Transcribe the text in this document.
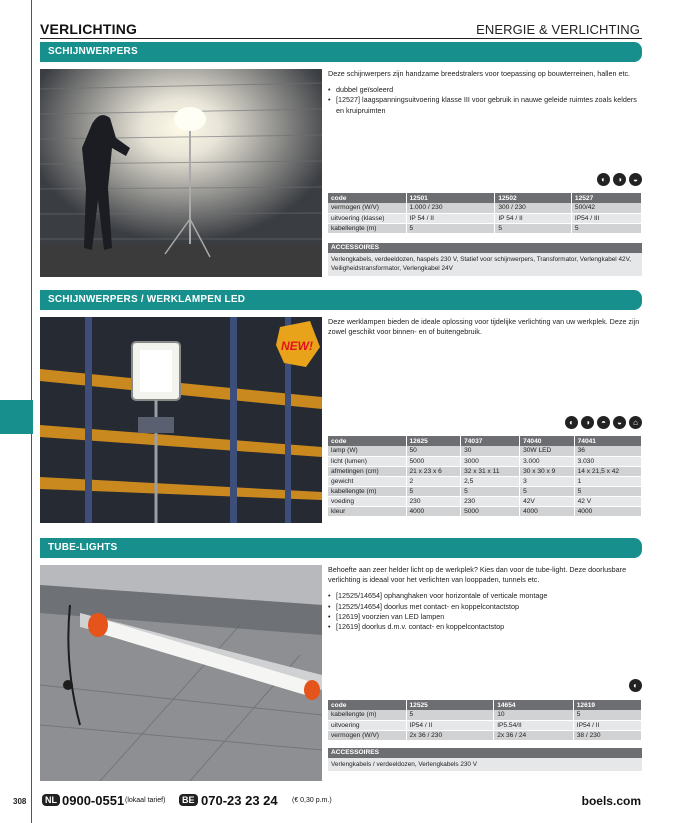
VERLICHTING	ENERGIE & VERLICHTING
SCHIJNWERPERS

Deze schijnwerpers zijn handzame breedstralers voor toepassing op bouwterreinen, hallen etc.

• dubbel geïsoleerd
• [12527] laagspanningsuitvoering klasse III voor gebruik in nauwe geleide ruimtes zoals kelders en kruipruimten
◐	◑	◒
code	12501	12502	12527
vermogen (W/V)	1.000 / 230	300 / 230	500/42
uitvoering (klasse)	IP 54 / II	IP 54 / II	IP54 / III
kabellengte (m)	5	5	5
ACCESSOIRES
Verlengkabels, verdeeldozen, haspels 230 V, Statief voor schijnwerpers, Transformator, Verlengkabel 42V, Veiligheidstransformator, Verlengkabel 24V
SCHIJNWERPERS / WERKLAMPEN LED
NEW!

Deze werklampen bieden de ideale oplossing voor tijdelijke verlichting van uw werkplek. Deze zijn zowel geschikt voor binnen- en of buitengebruik.

◐	◑	◓	◒	⌂
code	12625	74037	74040	74041
lamp (W)	50	30	30W LED	36
licht (lumen)	5000	3000	3.000	3.030
afmetingen (cm)	21 x 23 x 6	32 x 31 x 11	30 x 30 x 9	14 x 21,5 x 42
gewicht	2	2,5	3	1
kabellengte (m)	5	5	5	5
voeding	230	230	42V	42 V
kleur	4000	5000	4000	4000
TUBE-LIGHTS

Behoefte aan zeer helder licht op de werkplek? Kies dan voor de tube-light. Deze doorlusbare verlichting is ideaal voor het verlichten van looppaden, tunnels etc.

• [12525/14654] ophanghaken voor horizontale of verticale montage
• [12525/14654] doorlus met contact- en koppelcontactstop
• [12619] voorzien van LED lampen
• [12619] doorlus d.m.v. contact- en koppelcontactstop
◐
code	12525	14654	12619
kabellengte (m)	5	10	5
uitvoering	IP54 / II	IP5.54/II	IP54 / II
vermogen (W/V)	2x 36 / 230	2x 36 / 24	38 / 230
ACCESSOIRES
Verlengkabels / verdeeldozen, Verlengkabels 230 V
308	NL 0900-0551 (lokaal tarief)	BE 070-23 23 24 (€ 0,30 p.m.)	boels.com
